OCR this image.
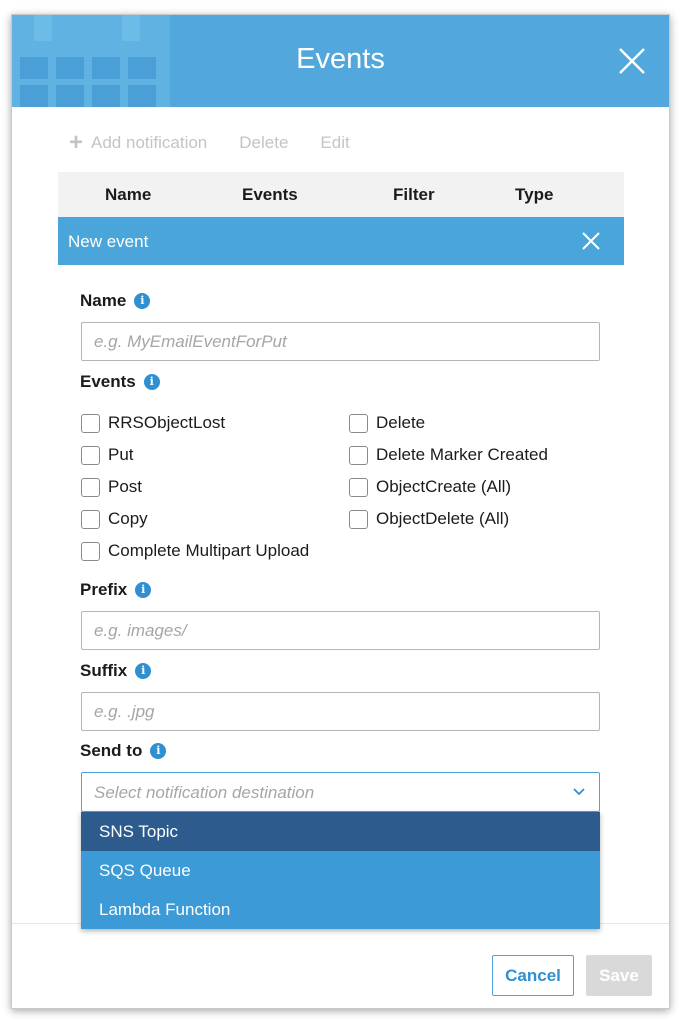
Events
+ Add notification Delete Edit
Name	Events	Filter	Type
New event
Name	i
e.g. MyEmailEventForPut
Events	i
RRSObjectLost
Put
Post
Copy
Complete Multipart Upload
Delete
Delete Marker Created
ObjectCreate (All)
ObjectDelete (All)
Prefix	i
e.g. images/
Suffix	i
e.g. .jpg
Send to	i
Select notification destination
SNS Topic
SQS Queue
Lambda Function
Cancel	Save
